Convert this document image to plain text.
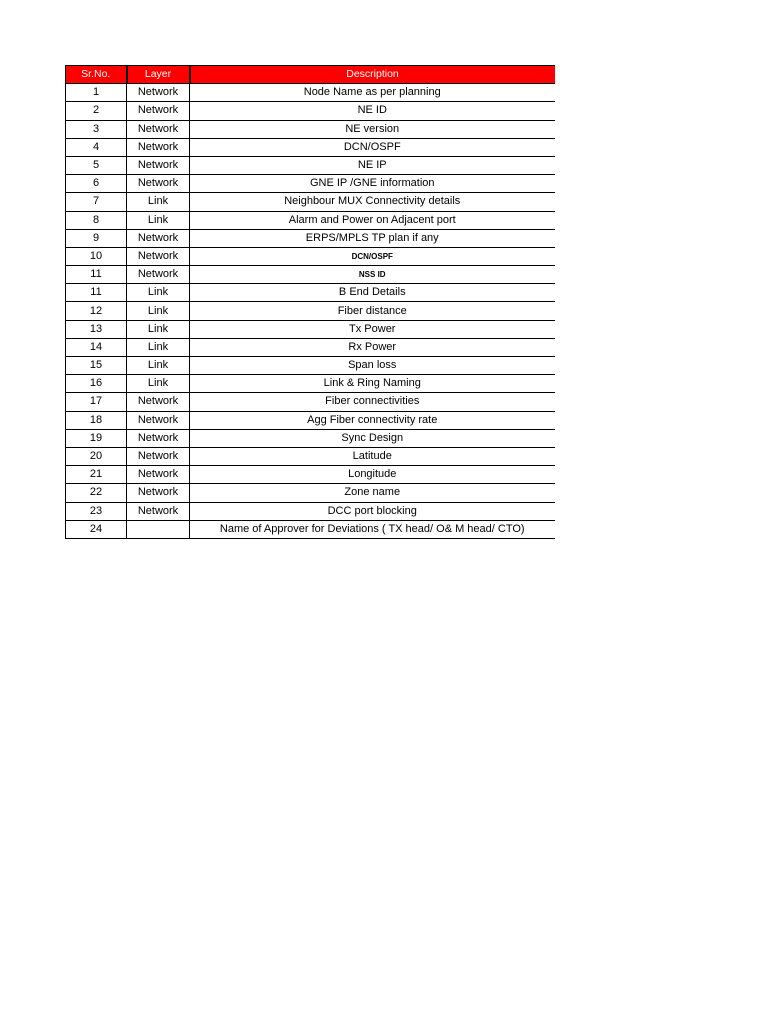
Sr.No.	Layer	Description
1	Network	Node Name as per planning
2	Network	NE ID
3	Network	NE version
4	Network	DCN/OSPF
5	Network	NE IP
6	Network	GNE IP /GNE information
7	Link	Neighbour MUX Connectivity details
8	Link	Alarm and Power on Adjacent port
9	Network	ERPS/MPLS TP plan if any
10	Network	DCN/OSPF
11	Network	NSS ID
11	Link	B End Details
12	Link	Fiber distance
13	Link	Tx Power
14	Link	Rx Power
15	Link	Span loss
16	Link	Link & Ring Naming
17	Network	Fiber connectivities
18	Network	Agg Fiber connectivity rate
19	Network	Sync Design
20	Network	Latitude
21	Network	Longitude
22	Network	Zone name
23	Network	DCC port blocking
24		Name of Approver for Deviations ( TX head/ O& M head/ CTO)
